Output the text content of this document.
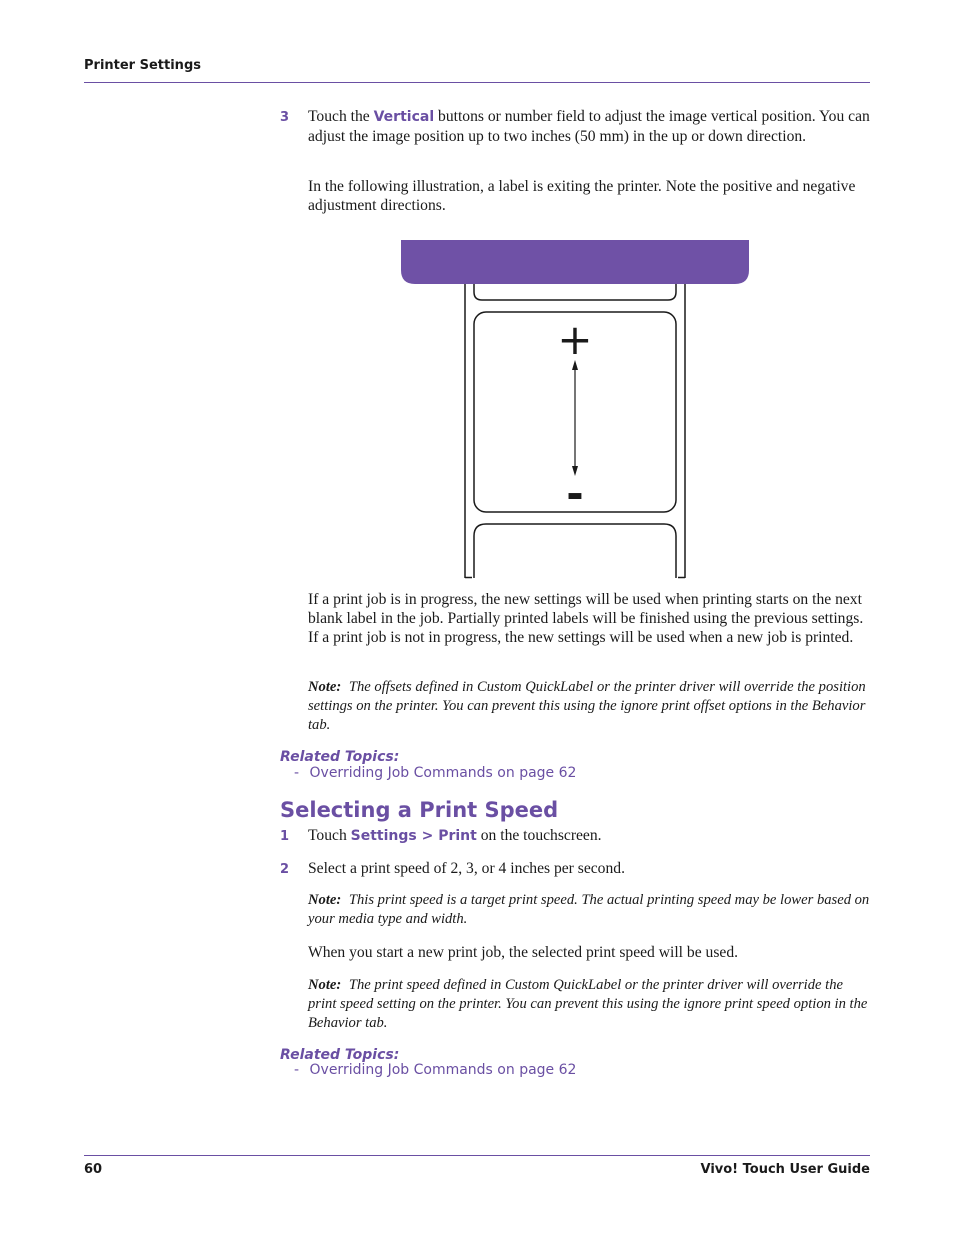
Printer Settings
3 Touch the Vertical buttons or number field to adjust the image vertical position. You can adjust the image position up to two inches (50 mm) in the up or down direction.
In the following illustration, a label is exiting the printer. Note the positive and negative adjustment directions.
+
-
If a print job is in progress, the new settings will be used when printing starts on the next blank label in the job. Partially printed labels will be finished using the previous settings. If a print job is not in progress, the new settings will be used when a new job is printed.
Note: The offsets defined in Custom QuickLabel or the printer driver will override the position settings on the printer. You can prevent this using the ignore print offset options in the Behavior tab.
Related Topics:
- Overriding Job Commands on page 62
Selecting a Print Speed
1 Touch Settings > Print on the touchscreen.
2 Select a print speed of 2, 3, or 4 inches per second.
Note: This print speed is a target print speed. The actual printing speed may be lower based on your media type and width.
When you start a new print job, the selected print speed will be used.
Note: The print speed defined in Custom QuickLabel or the printer driver will override the print speed setting on the printer. You can prevent this using the ignore print speed option in the Behavior tab.
Related Topics:
- Overriding Job Commands on page 62
60	Vivo! Touch User Guide
